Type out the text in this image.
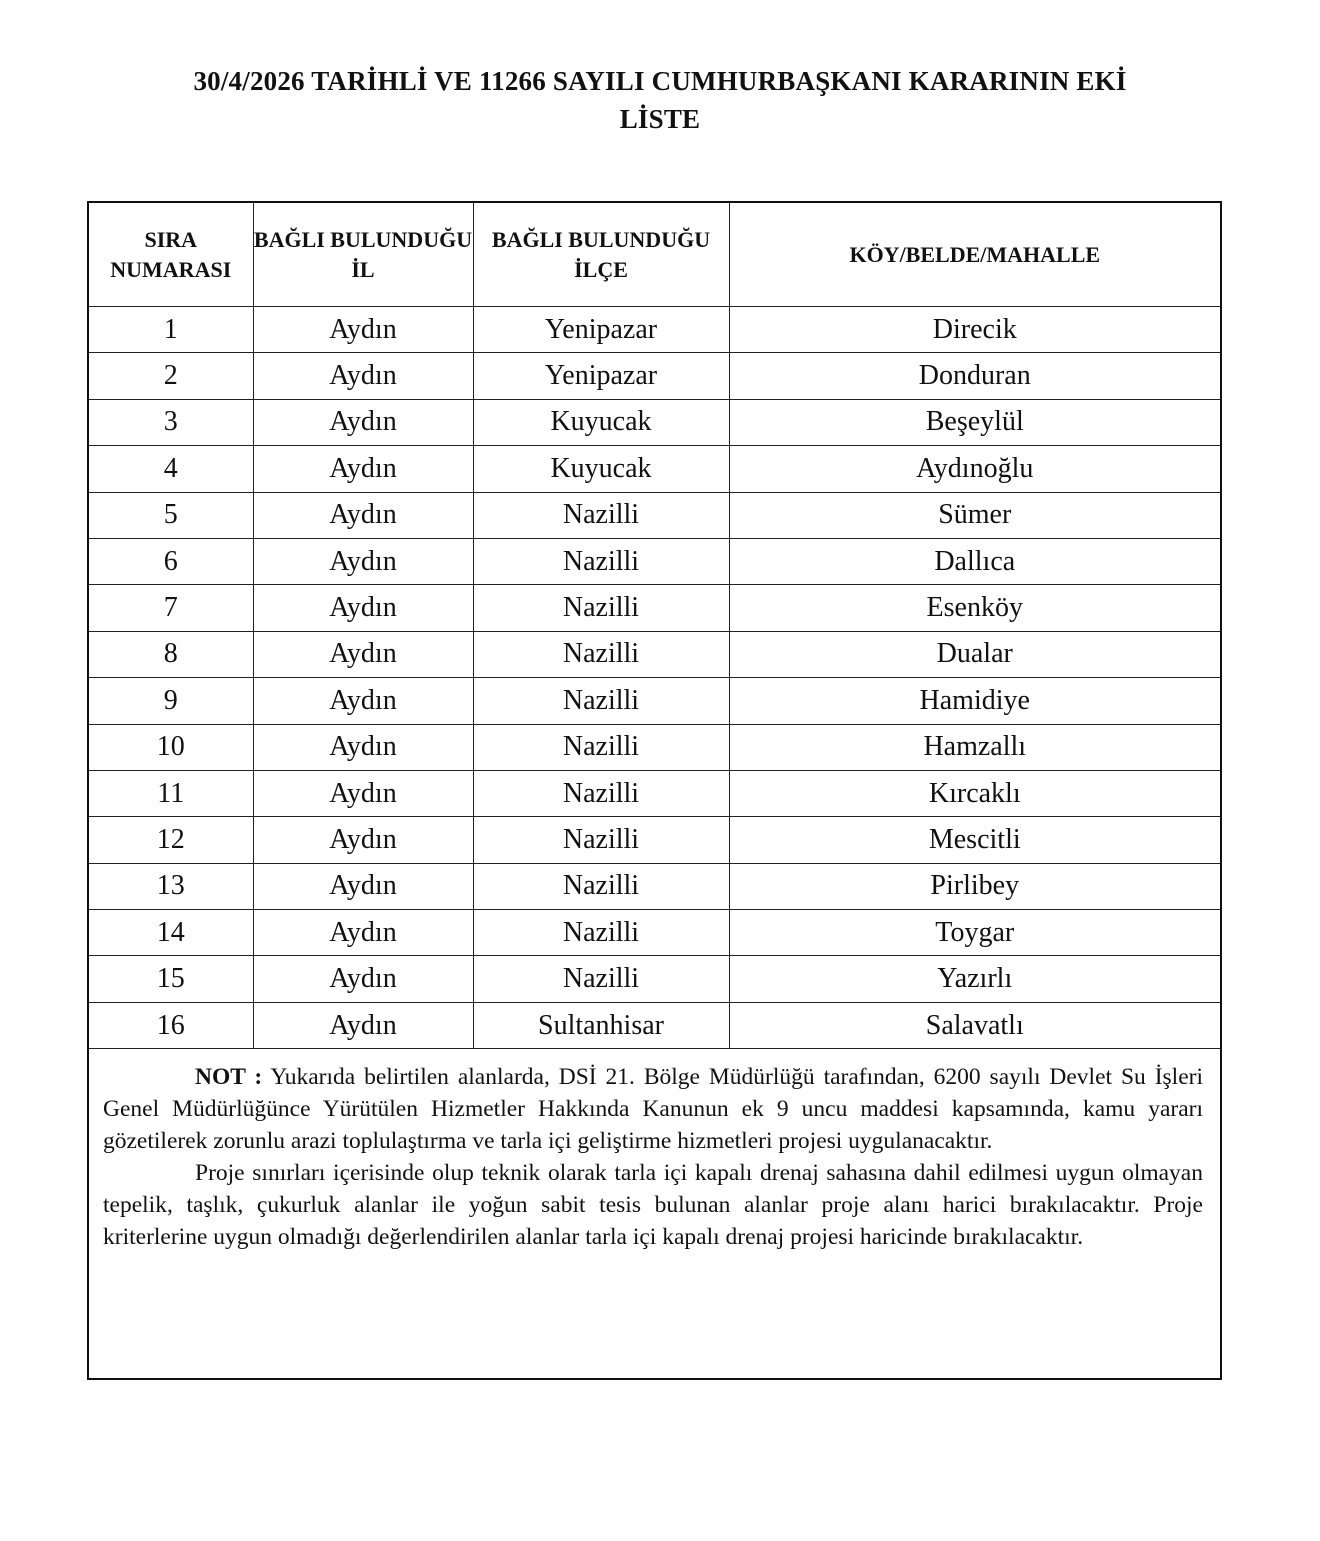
30/4/2026 TARİHLİ VE 11266 SAYILI CUMHURBAŞKANI KARARININ EKİ
LİSTE
SIRA NUMARASI	BAĞLI BULUNDUĞU İL	BAĞLI BULUNDUĞU İLÇE	KÖY/BELDE/MAHALLE
1	Aydın	Yenipazar	Direcik
2	Aydın	Yenipazar	Donduran
3	Aydın	Kuyucak	Beşeylül
4	Aydın	Kuyucak	Aydınoğlu
5	Aydın	Nazilli	Sümer
6	Aydın	Nazilli	Dallıca
7	Aydın	Nazilli	Esenköy
8	Aydın	Nazilli	Dualar
9	Aydın	Nazilli	Hamidiye
10	Aydın	Nazilli	Hamzallı
11	Aydın	Nazilli	Kırcaklı
12	Aydın	Nazilli	Mescitli
13	Aydın	Nazilli	Pirlibey
14	Aydın	Nazilli	Toygar
15	Aydın	Nazilli	Yazırlı
16	Aydın	Sultanhisar	Salavatlı

NOT : Yukarıda belirtilen alanlarda, DSİ 21. Bölge Müdürlüğü tarafından, 6200 sayılı Devlet Su İşleri Genel Müdürlüğünce Yürütülen Hizmetler Hakkında Kanunun ek 9 uncu maddesi kapsamında, kamu yararı gözetilerek zorunlu arazi toplulaştırma ve tarla içi geliştirme hizmetleri projesi uygulanacaktır.

Proje sınırları içerisinde olup teknik olarak tarla içi kapalı drenaj sahasına dahil edilmesi uygun olmayan tepelik, taşlık, çukurluk alanlar ile yoğun sabit tesis bulunan alanlar proje alanı harici bırakılacaktır. Proje kriterlerine uygun olmadığı değerlendirilen alanlar tarla içi kapalı drenaj projesi haricinde bırakılacaktır.
